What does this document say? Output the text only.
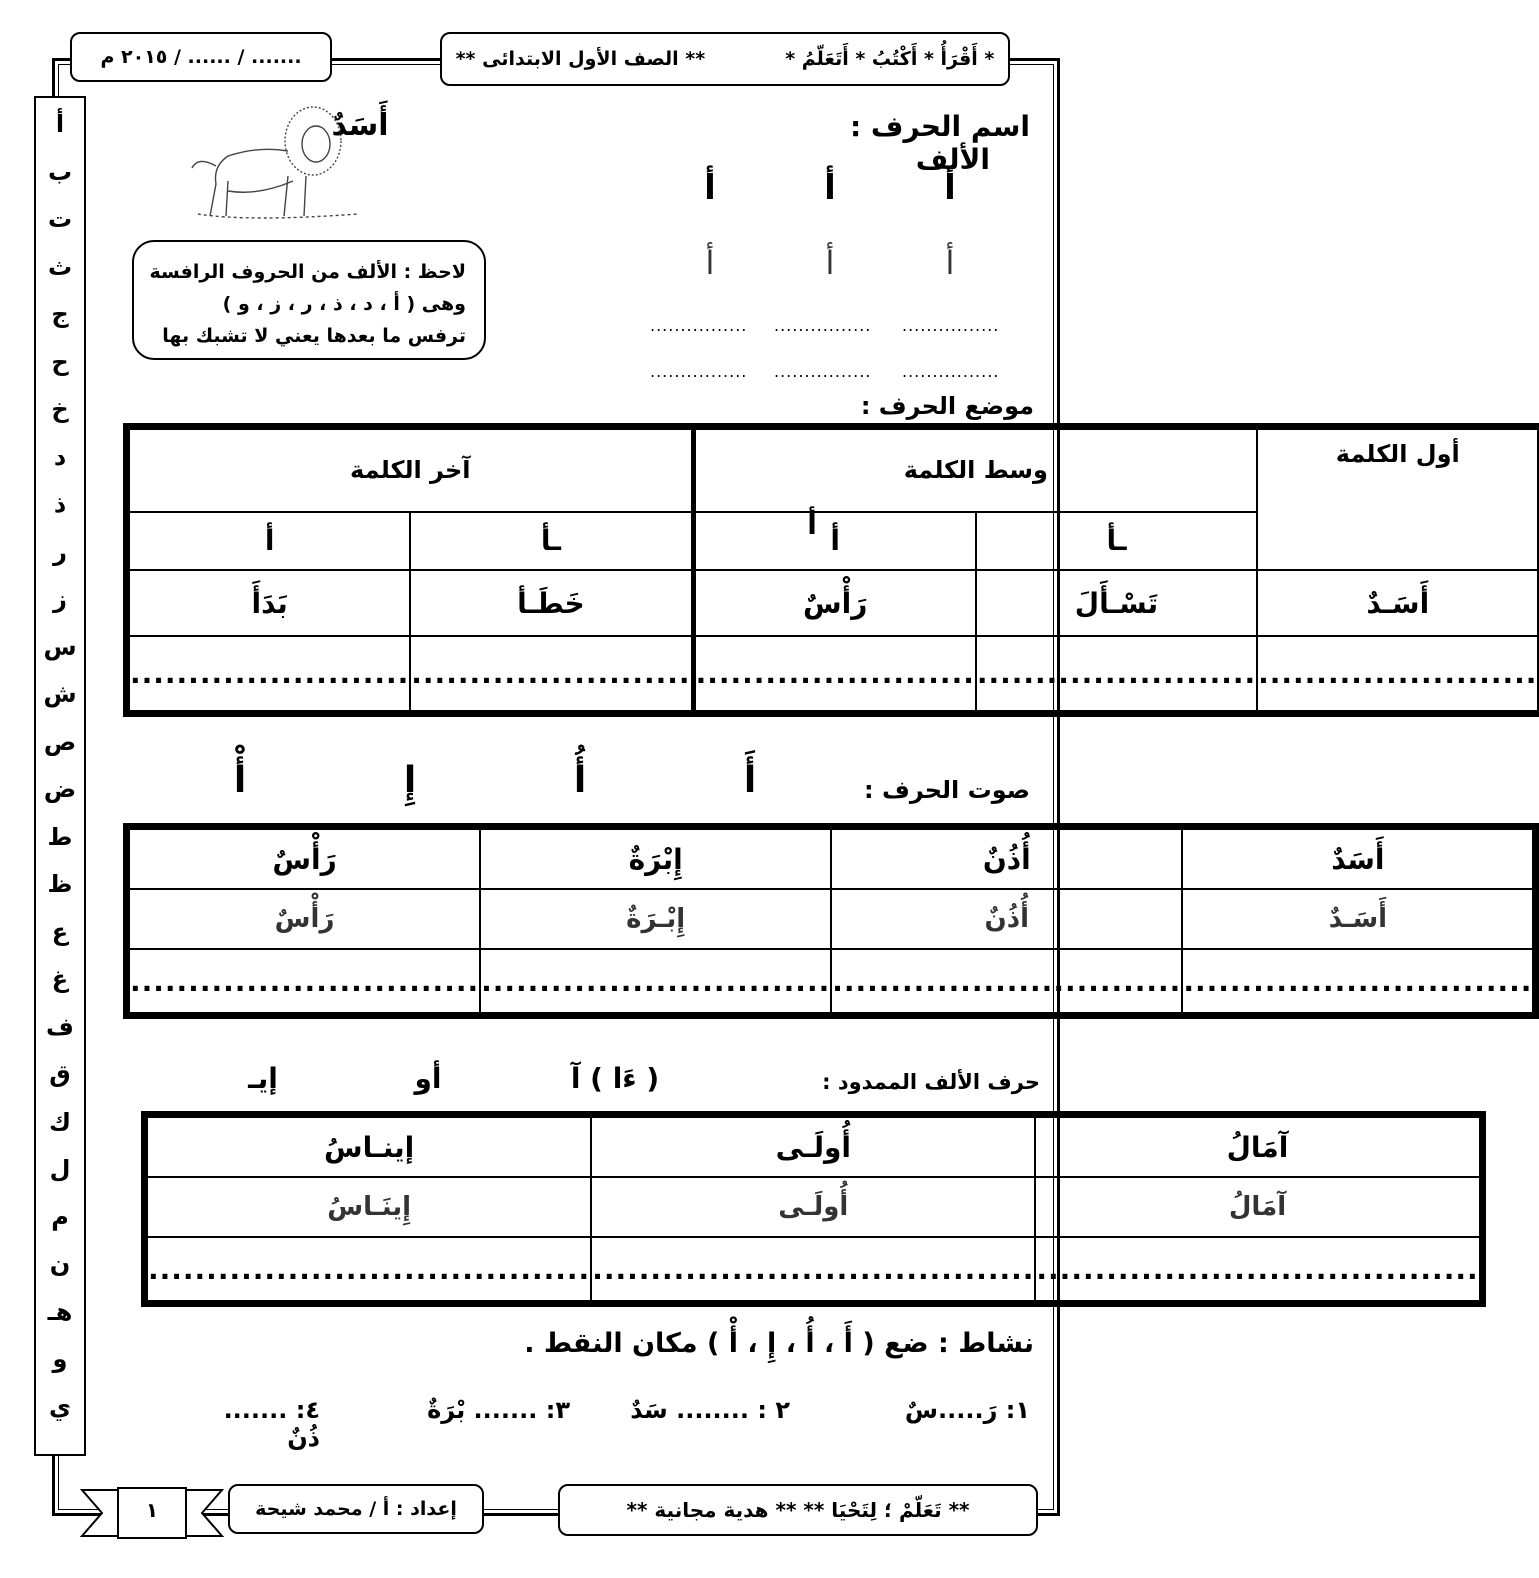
* أَقْرَأُ * أَكْتُبُ * أَتَعَلّمُ *
** الصف الأول الابتدائى **
....... / ...... / ٢٠١٥ م
أ
ب
ت
ث
ج
ح
خ
د
ذ
ر
ز
س
ش
ص
ض
ط
ظ
ع
غ
ف
ق
ك
ل
م
ن
هـ
و
ي
اسم الحرف : الألف
أَسَدٌ
أ
أ
أ
أ
أ
أ
................
................
................
................
................
................
لاحظ : الألف من الحروف الرافسة
وهى ( أ ، د ، ذ ، ر ، ز ، و )
ترفس ما بعدها يعني لا تشبك بها
موضع الحرف :
أول الكلمة	وسط الكلمة		آخر الكلمة	
	ـأ	أ	ـأ	أ
أَسَـدٌ	تَسْـأَلَ	رَأْسٌ	خَطَـأ	بَدَأَ
........................	........................	........................	........................	........................
أ
صوت الحرف :
أَ
أُ
إِ
أْ
أَسَدٌ	أُذُنٌ	إِبْرَةٌ	رَأْسٌ
أَسَـدٌ	أُذُنٌ	إِبْـرَةٌ	رَأْسٌ
..............................	..............................	..............................	..............................
حرف الألف الممدود :
( ءَا ) آ
أو
إيـ
آمَالُ	أُولَـى	إينـاسُ
آمَالُ	أُولَـى	إِينَـاسُ
......................................	......................................	......................................
نشاط : ضع ( أَ ، أُ ، إِ ، أْ ) مكان النقط .
١: رَ.....سٌ
٢ : ........ سَدٌ
٣: ....... بْرَةٌ
٤: ....... ذُنٌ
** تَعَلّمْ ؛ لِتَحْيَا ** ** هدية مجانية **
إعداد : أ / محمد شيحة
١
